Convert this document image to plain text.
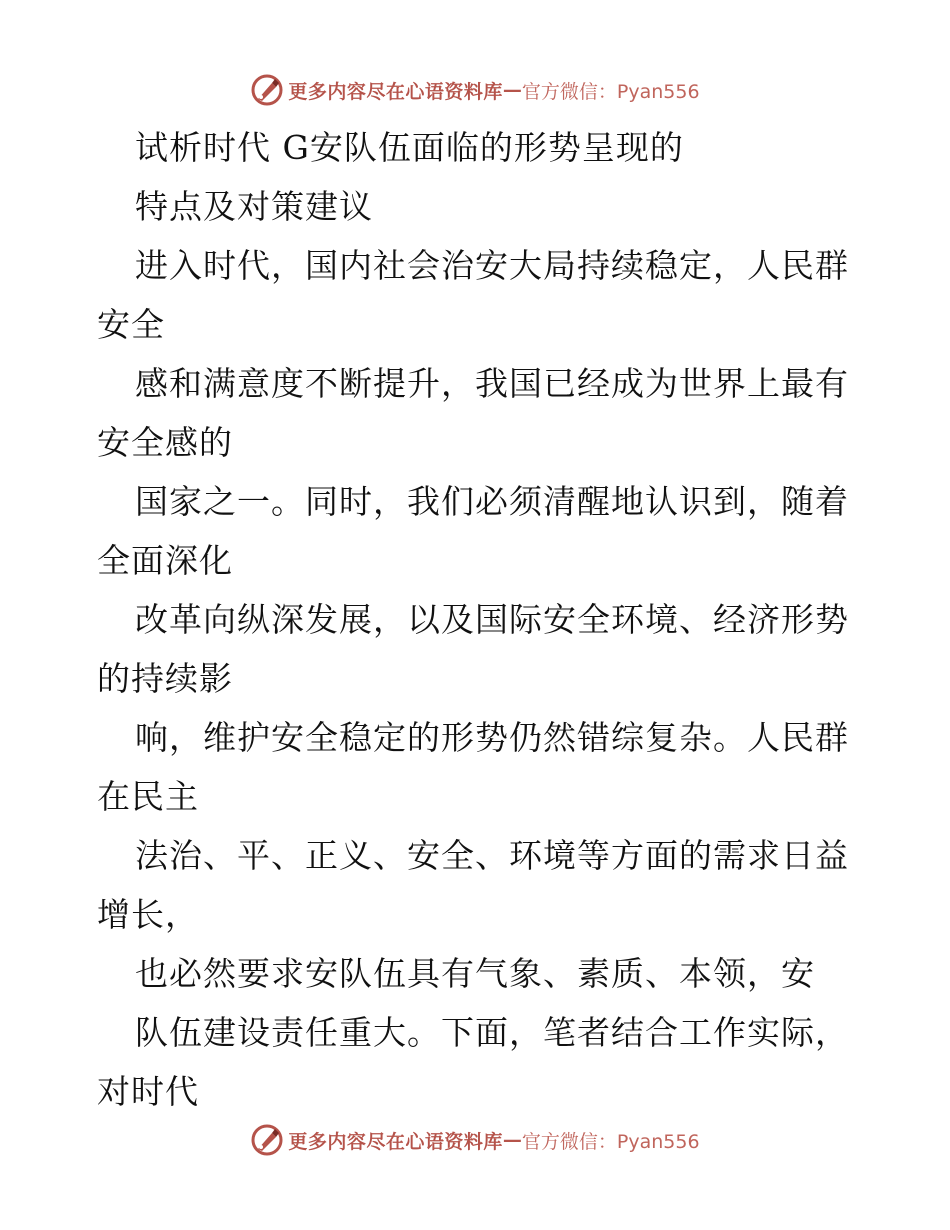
更多内容尽在心语资料库 — 官方微信：Pyan556
试析时代 G安队伍面临的形势呈现的
特点及对策建议
进入时代，国内社会治安大局持续稳定，人民群
安全
感和满意度不断提升，我国已经成为世界上最有
安全感的
国家之一。同时，我们必须清醒地认识到，随着
全面深化
改革向纵深发展，以及国际安全环境、经济形势
的持续影
响，维护安全稳定的形势仍然错综复杂。人民群
在民主
法治、平、正义、安全、环境等方面的需求日益
增长，
也必然要求安队伍具有气象、素质、本领，安
队伍建设责任重大。下面，笔者结合工作实际，
对时代
更多内容尽在心语资料库 — 官方微信：Pyan556
